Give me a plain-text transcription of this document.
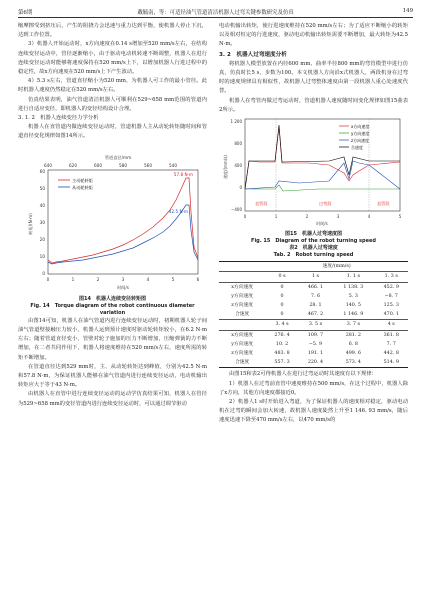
第6期	戴毓南，等：可适径油气管道清洁机器人过弯关键参数研究及仿真	149

缩摩擦受到挤压后，产生的阻挠力会迅速与重力达到平衡，使机器人停止下沉，达到工作位置。

3）机器人开始运动时，x方向速度在0.14 s增加至520 mm/s左右，在结构连续变径运动中，管径逐渐缩小，由于驱动电动机转速不断调整，机器人在进行连续变径运动时能够将速度保持在520 mm/s上下，以增加机器人行进过程中的稳定性，故x方向速度在520 mm/s上下产生波动。

4）5.3 s左右，管道直径缩小为520 mm，为机器人可工作的最小管径。此时机器人速度仍然稳定在520 mm/s左右。

仿真结果表明，油气管道清洁机器人可顺利在529~658 mm范围的管道内进行自适应变径，即机器人的变径结构设计合理。

3. 1. 2　机器人连续变径力学分析

机器人在直管道内做连续变径运动时，管道机器人主从动轮转矩随时间和管道直径变化规律如图14所示。

640	620	600	580	560	540
管道直径/mm
60
50
40
30
20
10
0
转矩/(N·m)
0	1	2	3	4	5	6
时间/s
主动轮转矩
从动轮转矩
57.8 N·m
42.5 N·m
图14　机器人连续变径转矩图
Fig. 14　Torque diagram of the robot continuous diameter variation

由图14可知，机器人在油气管道内进行连续变径运动时，初期机器人轮子间油气管道壁接触压力较小，机器人运到预计速度时驱动轮转矩较小，在6.2 N·m左右；随着管道直径变小，管壁对轮子施加的压力不断增加，压缩弹簧的力不断增加，在二者共同作用下，机器人将速度维持在520 mm/s左右，速度所需的转矩不断增加。

在管道直径达到529 mm时，主、从动轮转矩达到峰值，分别为42.5 N·m和57.8 N·m，为保证机器人能够在油气管道内进行连续变径运动，电动机输出转矩应大于等于43 N·m。

由机器人在直管中进行连续变径运动的运动学仿真结果可知，机器人在管径为529~658 mm的变径管道内进行连续变径运动时，可以通过调节驱动

电动机输出转矩，使行进速度维持在520 mm/s左右；为了适应不断缩小的转矩以及相对恒定的行进速度，驱动电动机输出转矩需要不断增加，最大转矩为42.5 N·m。

3. 2　机器人过弯速度分析

将机器人模型放置在内径600 mm、曲率半径800 mm的弯管模型中进行仿真，仿真时长5 s，步数为100。本文机器人方向沿x式机器人，两段机身在过弯时的速度规律具有相似性，故机器人过弯整体速度由第一段机器人重心处速度代替。

机器人在弯管内做过弯运动时，管道机器人速度随时间变化规律如图15曲表2所示。

1 200
800
400
0
−400
速度/(mm/s)
0	1	2	3	4	5
时间/s
x方向速度
y方向速度
z方向速度
合速度
直管段	过弯段	直管段
图15　机器人过弯速度图
Fig. 15　Diagram of the robot turning speed
表2　机器人过弯速度
Tab. 2　Robot turning speed
	速度/(mm/s)			
	0 s	1 s	1. 1 s	1. 3 s
x方向速度	0	466. 1	1 138. 3	452. 9
y方向速度	0	7. 6	5. 3	−8. 7
z方向速度	0	28. 1	140. 5	125. 3
合速度	0	467. 2	1 146. 9	470. 1
	3. 4 s	3. 5 s	3. 7 s	4 s
x方向速度	276. 4	109. 7	281. 2	361. 8
y方向速度	10. 2	−5. 9	6. 8	7. 7
z方向速度	483. 8	191. 1	499. 6	442. 8
合速度	557. 3	220. 4	573. 4	514. 9

由图15和表2可得机器人在进行过弯运动时其速度有以下规律：

1）机器人在过弯前直管中速度维持在500 mm/s，在这个过程中，机器人除了x方向，其他方向速度都接近0。

2）机器人1 s时开始进入弯道，为了保证机器人的速度相对稳定，驱动电动机在过弯的瞬间会加大转速，故机器人速度陡然上升至1 146. 93 mm/s，随后速度迅速下降至470 mm/s左右，以470 mm/s的
